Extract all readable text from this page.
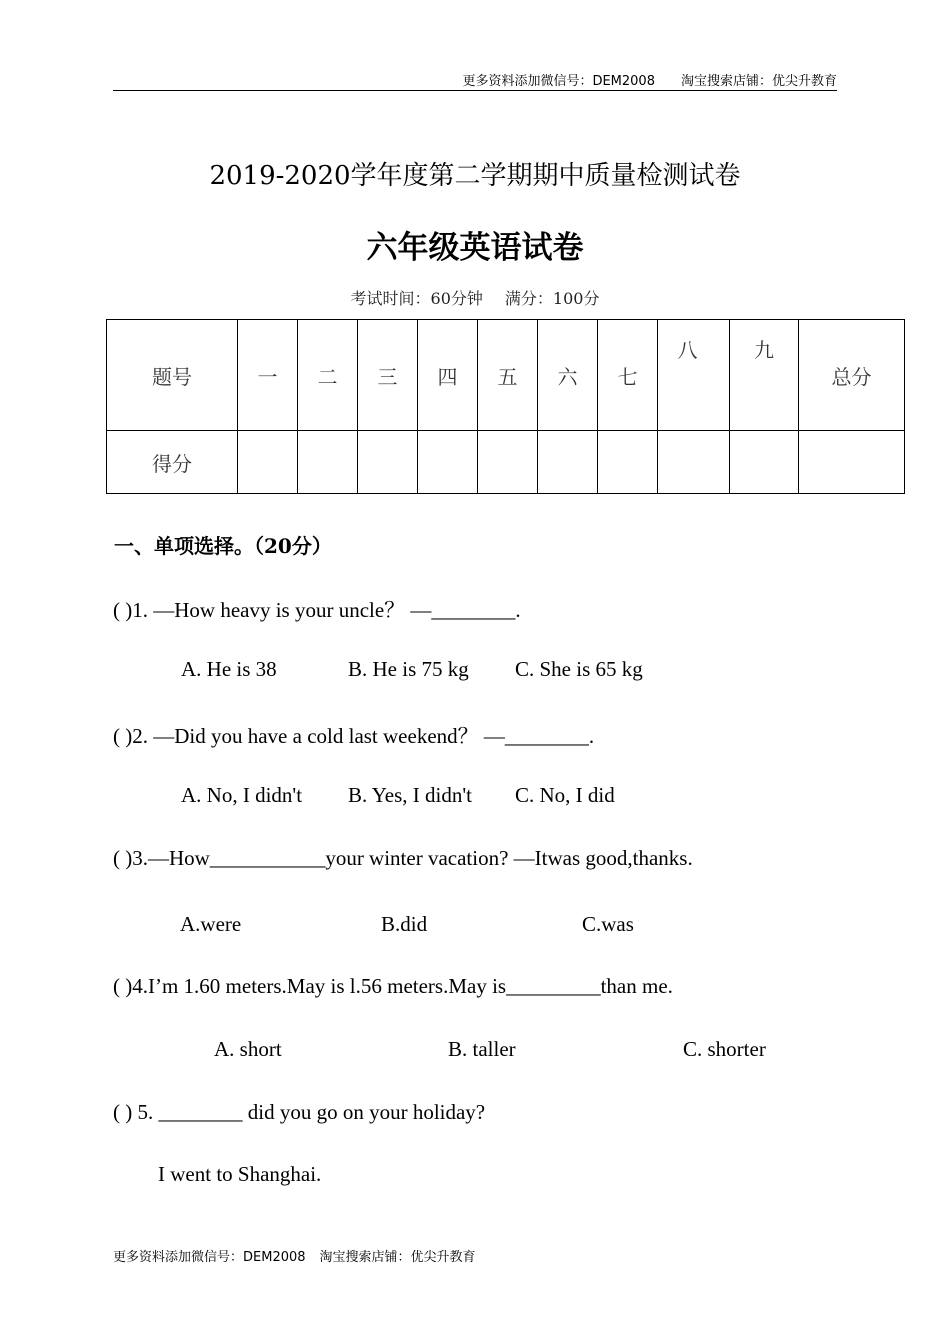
更多资料添加微信号：DEM2008 淘宝搜索店铺：优尖升教育
2019-2020学年度第二学期期中质量检测试卷
六年级英语试卷
考试时间：60分钟 满分：100分
题号	一	二	三	四	五	六	七	八	九	总分
得分										
一、单项选择。（20分）
( )1. —How heavy is your uncle？ —________.
A. He is 38	B. He is 75 kg C. She is 65 kg
( )2. —Did you have a cold last weekend？ —________.
A. No, I didn't B. Yes, I didn't C. No, I did
( )3.—How___________your winter vacation? —Itwas good,thanks.
A.were	B.did	C.was
( )4.I’m 1.60 meters.May is l.56 meters.May is_________than me.
A. short	B. taller	C. shorter
( ) 5. ________ did you go on your holiday?
I went to Shanghai.
更多资料添加微信号：DEM2008 淘宝搜索店铺：优尖升教育
